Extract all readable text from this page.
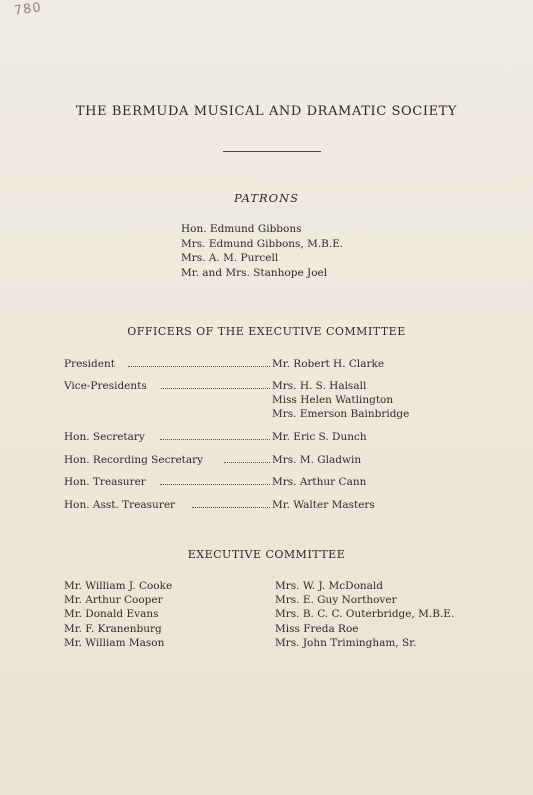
780
THE BERMUDA MUSICAL AND DRAMATIC SOCIETY
PATRONS
Hon. Edmund Gibbons
Mrs. Edmund Gibbons, M.B.E.
Mrs. A. M. Purcell
Mr. and Mrs. Stanhope Joel
OFFICERS OF THE EXECUTIVE COMMITTEE
President	Mr. Robert H. Clarke
Vice-Presidents	Mrs. H. S. Halsall
Miss Helen Watlington
Mrs. Emerson Bainbridge
Hon. Secretary	Mr. Eric S. Dunch
Hon. Recording Secretary	Mrs. M. Gladwin
Hon. Treasurer	Mrs. Arthur Cann
Hon. Asst. Treasurer	Mr. Walter Masters
EXECUTIVE COMMITTEE
Mr. William J. Cooke
Mr. Arthur Cooper
Mr. Donald Evans
Mr. F. Kranenburg
Mr. William Mason
Mrs. W. J. McDonald
Mrs. E. Guy Northover
Mrs. B. C. C. Outerbridge, M.B.E.
Miss Freda Roe
Mrs. John Trimingham, Sr.
